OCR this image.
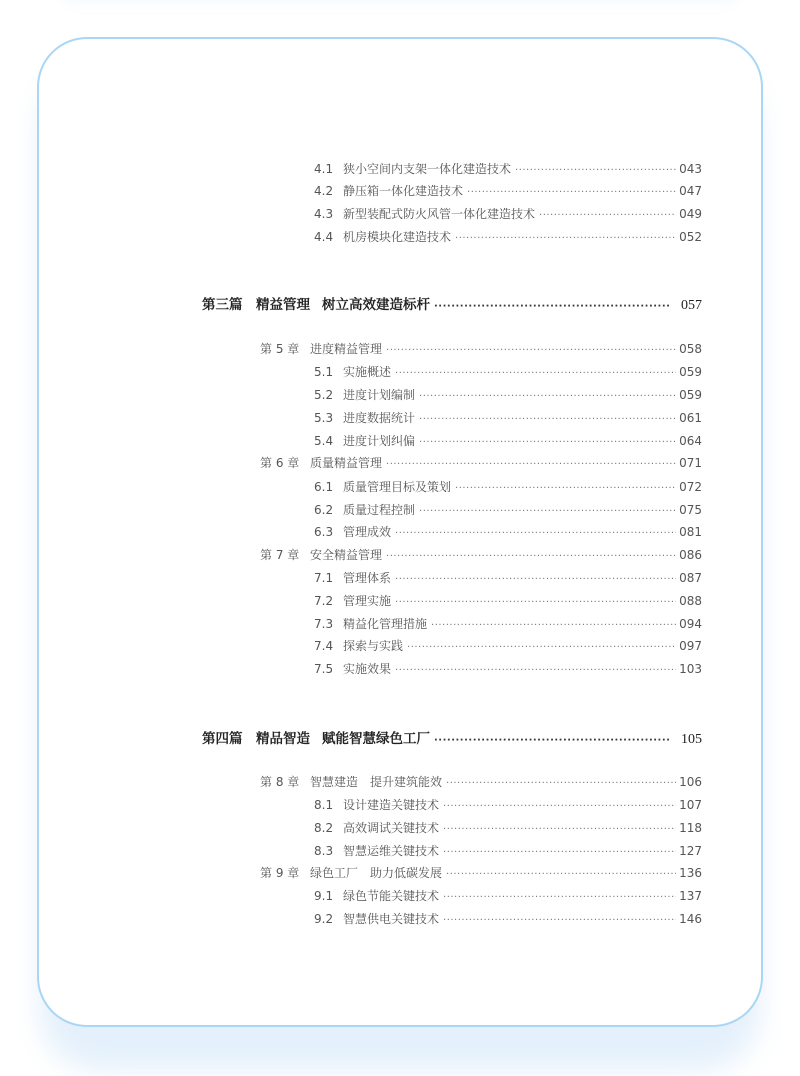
4.1 狭小空间内支架一体化建造技术 ·····	043
4.2 静压箱一体化建造技术 ·····	047
4.3 新型装配式防火风管一体化建造技术 ·····	049
4.4 机房模块化建造技术 ·····	052
第三篇	精益管理 树立高效建造标杆 ·····	057
第 5 章 进度精益管理 ·····	058
5.1 实施概述 ·····	059
5.2 进度计划编制 ·····	059
5.3 进度数据统计 ·····	061
5.4 进度计划纠偏 ·····	064
第 6 章 质量精益管理 ·····	071
6.1 质量管理目标及策划 ·····	072
6.2 质量过程控制 ·····	075
6.3 管理成效 ·····	081
第 7 章 安全精益管理 ·····	086
7.1 管理体系 ·····	087
7.2 管理实施 ·····	088
7.3 精益化管理措施 ·····	094
7.4 探索与实践 ·····	097
7.5 实施效果 ·····	103
第四篇	精品智造 赋能智慧绿色工厂 ·····	105
第 8 章 智慧建造　提升建筑能效 ·····	106
8.1 设计建造关键技术 ·····	107
8.2 高效调试关键技术 ·····	118
8.3 智慧运维关键技术 ·····	127
第 9 章 绿色工厂　助力低碳发展 ·····	136
9.1 绿色节能关键技术 ·····	137
9.2 智慧供电关键技术 ·····	146
